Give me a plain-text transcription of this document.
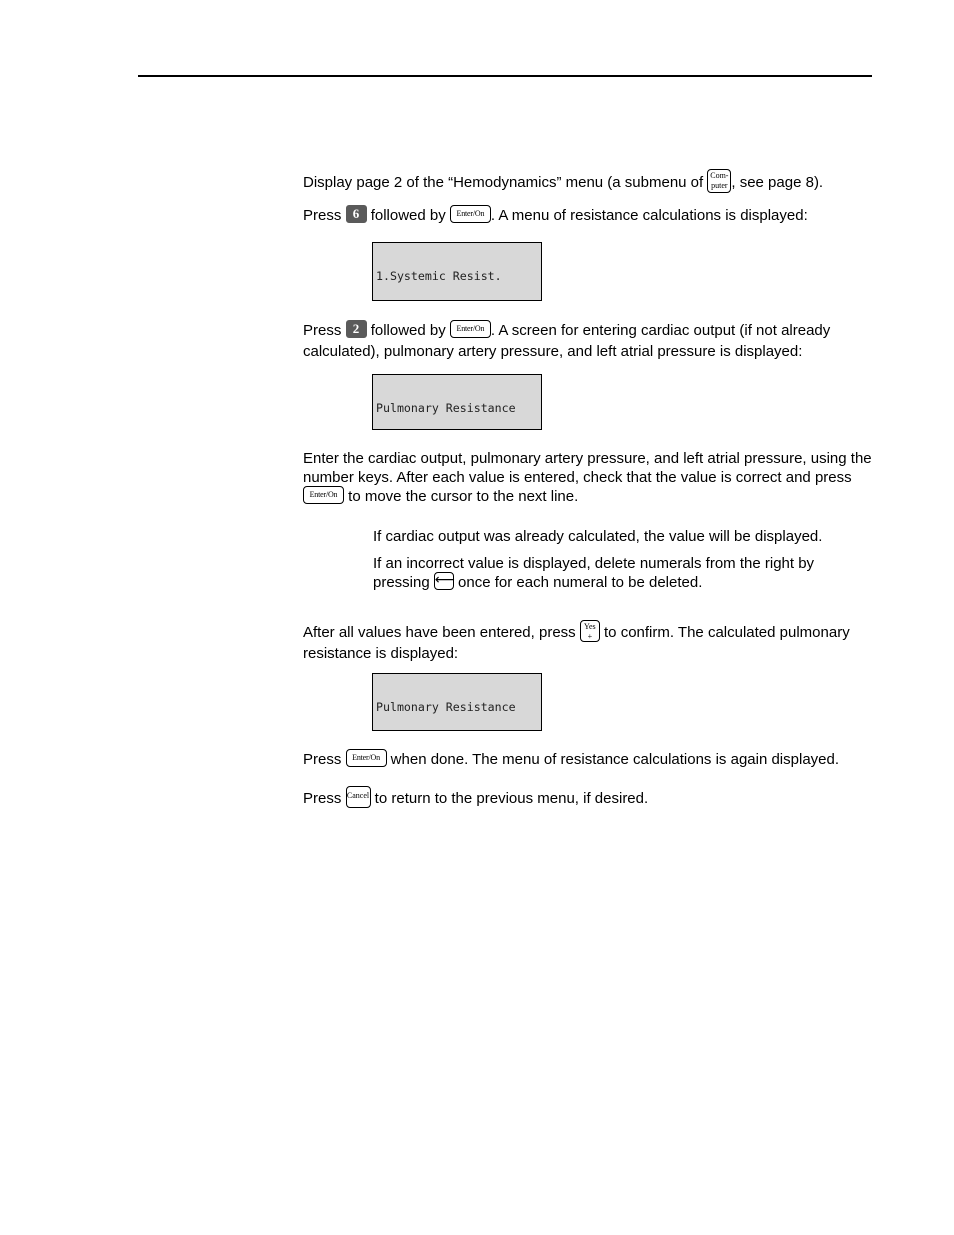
Display page 2 of the “Hemodynamics” menu (a submenu of Com-
puter , see page 8).
Press 6 followed by Enter/On . A menu of resistance calculations is displayed:

1.Systemic Resist.

Press 2 followed by Enter/On . A screen for entering cardiac output (if not already calculated), pulmonary artery pressure, and left atrial pressure is displayed:

Pulmonary Resistance

Enter the cardiac output, pulmonary artery pressure, and left atrial pressure, using the number keys. After each value is entered, check that the value is correct and press Enter/On to move the cursor to the next line.
If cardiac output was already calculated, the value will be displayed.
If an incorrect value is displayed, delete numerals from the right by pressing ⟵ once for each numeral to be deleted.
After all values have been entered, press Yes
+ to confirm. The calculated pulmonary resistance is displayed:

Pulmonary Resistance

Press Enter/On when done. The menu of resistance calculations is again displayed.
Press Cancel to return to the previous menu, if desired.
